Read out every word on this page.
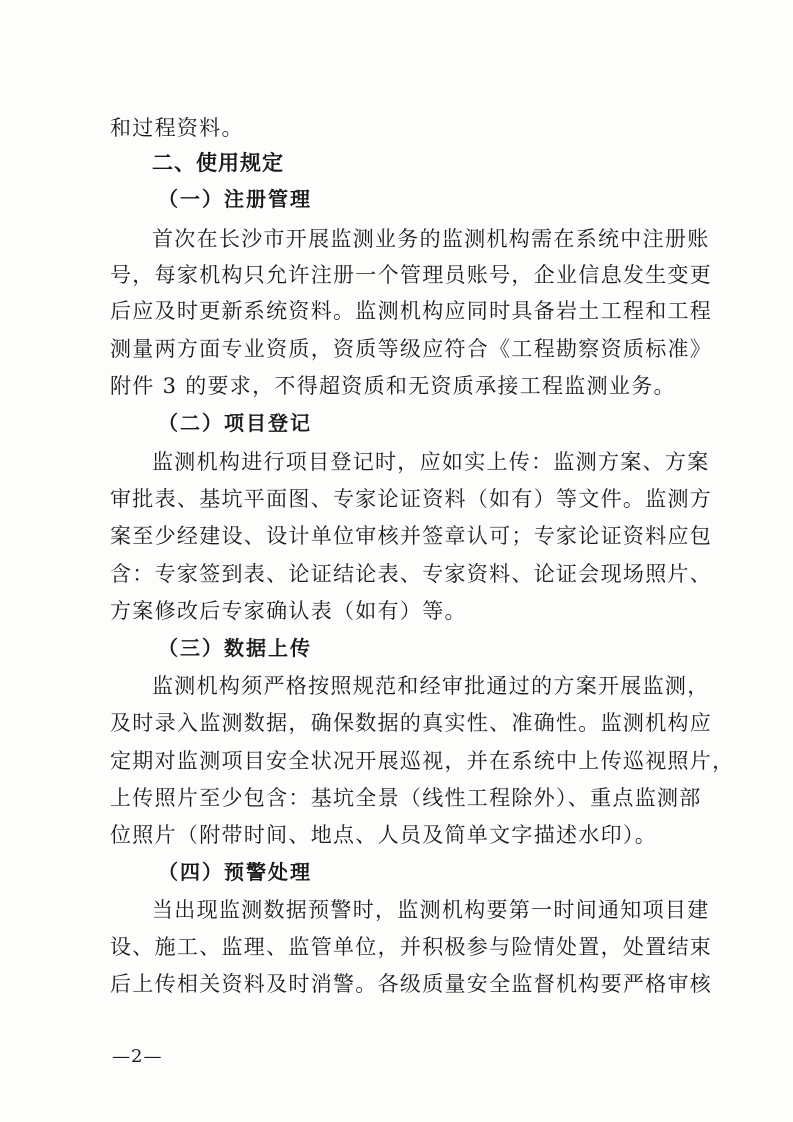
和过程资料。
二、使用规定
（一）注册管理
首次在长沙市开展监测业务的监测机构需在系统中注册账
号，每家机构只允许注册一个管理员账号，企业信息发生变更
后应及时更新系统资料。监测机构应同时具备岩土工程和工程
测量两方面专业资质，资质等级应符合《工程勘察资质标准》
附件 3 的要求，不得超资质和无资质承接工程监测业务。
（二）项目登记
监测机构进行项目登记时，应如实上传：监测方案、方案
审批表、基坑平面图、专家论证资料（如有）等文件。监测方
案至少经建设、设计单位审核并签章认可；专家论证资料应包
含：专家签到表、论证结论表、专家资料、论证会现场照片、
方案修改后专家确认表（如有）等。
（三）数据上传
监测机构须严格按照规范和经审批通过的方案开展监测，
及时录入监测数据，确保数据的真实性、准确性。监测机构应
定期对监测项目安全状况开展巡视，并在系统中上传巡视照片，
上传照片至少包含：基坑全景（线性工程除外）、重点监测部
位照片（附带时间、地点、人员及简单文字描述水印）。
（四）预警处理
当出现监测数据预警时，监测机构要第一时间通知项目建
设、施工、监理、监管单位，并积极参与险情处置，处置结束
后上传相关资料及时消警。各级质量安全监督机构要严格审核
—2—
